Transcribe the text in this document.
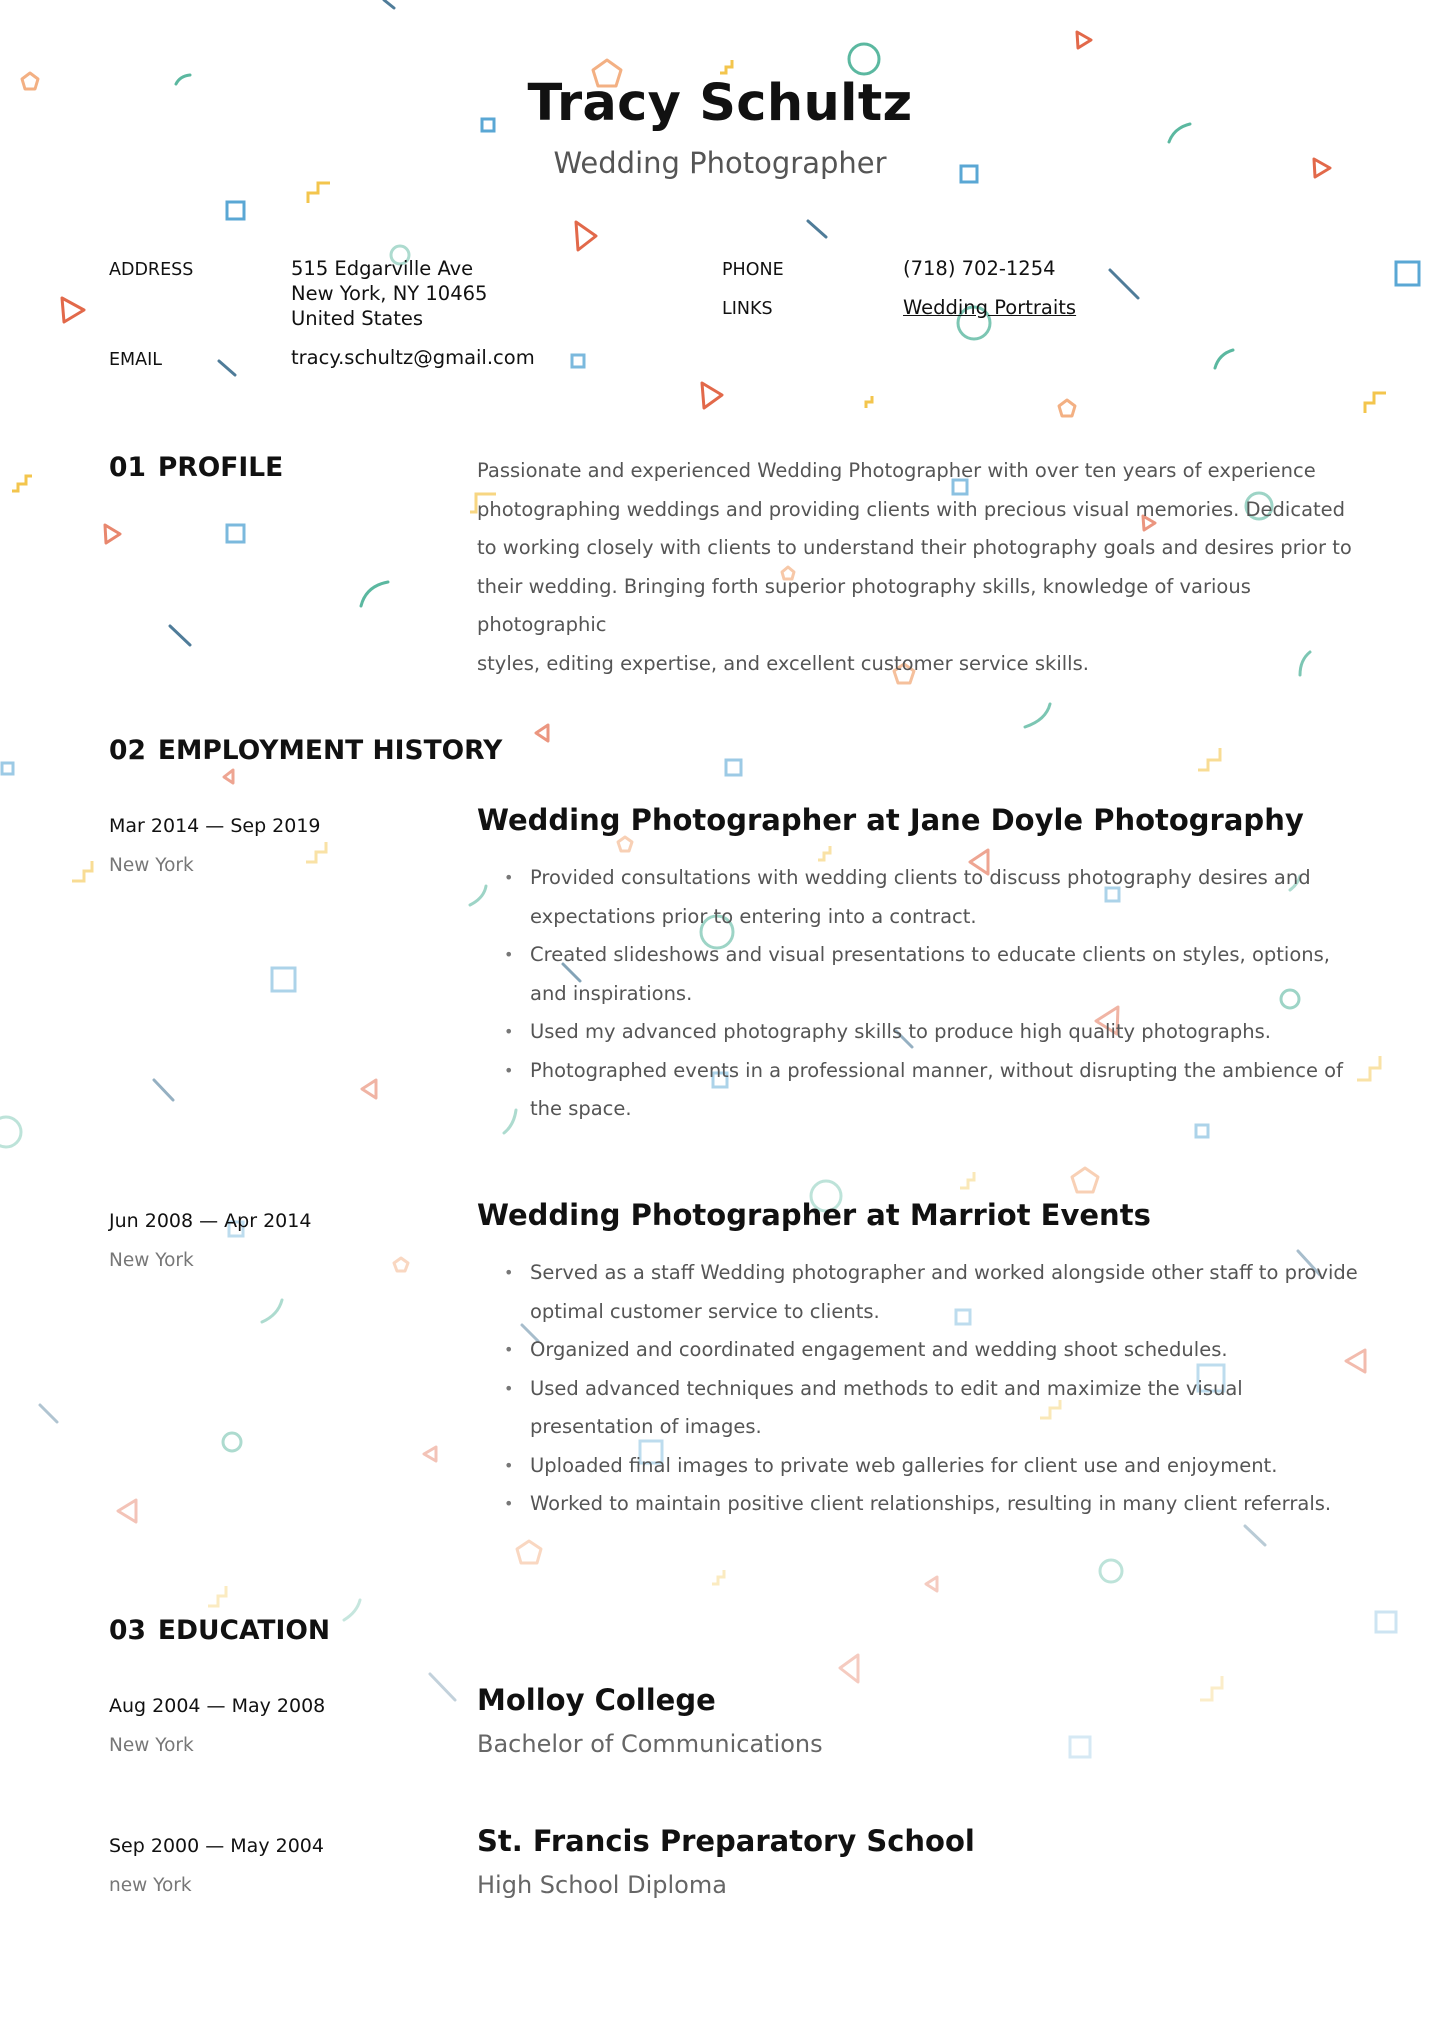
Tracy Schultz
Wedding Photographer
ADDRESS	515 Edgarville Ave
New York, NY 10465
United States
EMAIL	tracy.schultz@gmail.com
PHONE	(718) 702-1254
LINKS	Wedding Portraits
01 PROFILE	Passionate and experienced Wedding Photographer with over ten years of experience
photographing weddings and providing clients with precious visual memories. Dedicated
to working closely with clients to understand their photography goals and desires prior to
their wedding. Bringing forth superior photography skills, knowledge of various photographic
styles, editing expertise, and excellent customer service skills.
02 EMPLOYMENT HISTORY
Mar 2014 — Sep 2019
New York
Wedding Photographer at Jane Doyle Photography
• Provided consultations with wedding clients to discuss photography desires and expectations prior to entering into a contract.
• Created slideshows and visual presentations to educate clients on styles, options, and inspirations.
• Used my advanced photography skills to produce high quality photographs.
• Photographed events in a professional manner, without disrupting the ambience of the space.
Jun 2008 — Apr 2014
New York
Wedding Photographer at Marriot Events
• Served as a staff Wedding photographer and worked alongside other staff to provide optimal customer service to clients.
• Organized and coordinated engagement and wedding shoot schedules.
• Used advanced techniques and methods to edit and maximize the visual presentation of images.
• Uploaded final images to private web galleries for client use and enjoyment.
• Worked to maintain positive client relationships, resulting in many client referrals.
03 EDUCATION
Aug 2004 — May 2008
New York
Molloy College
Bachelor of Communications
Sep 2000 — May 2004
new York
St. Francis Preparatory School
High School Diploma
